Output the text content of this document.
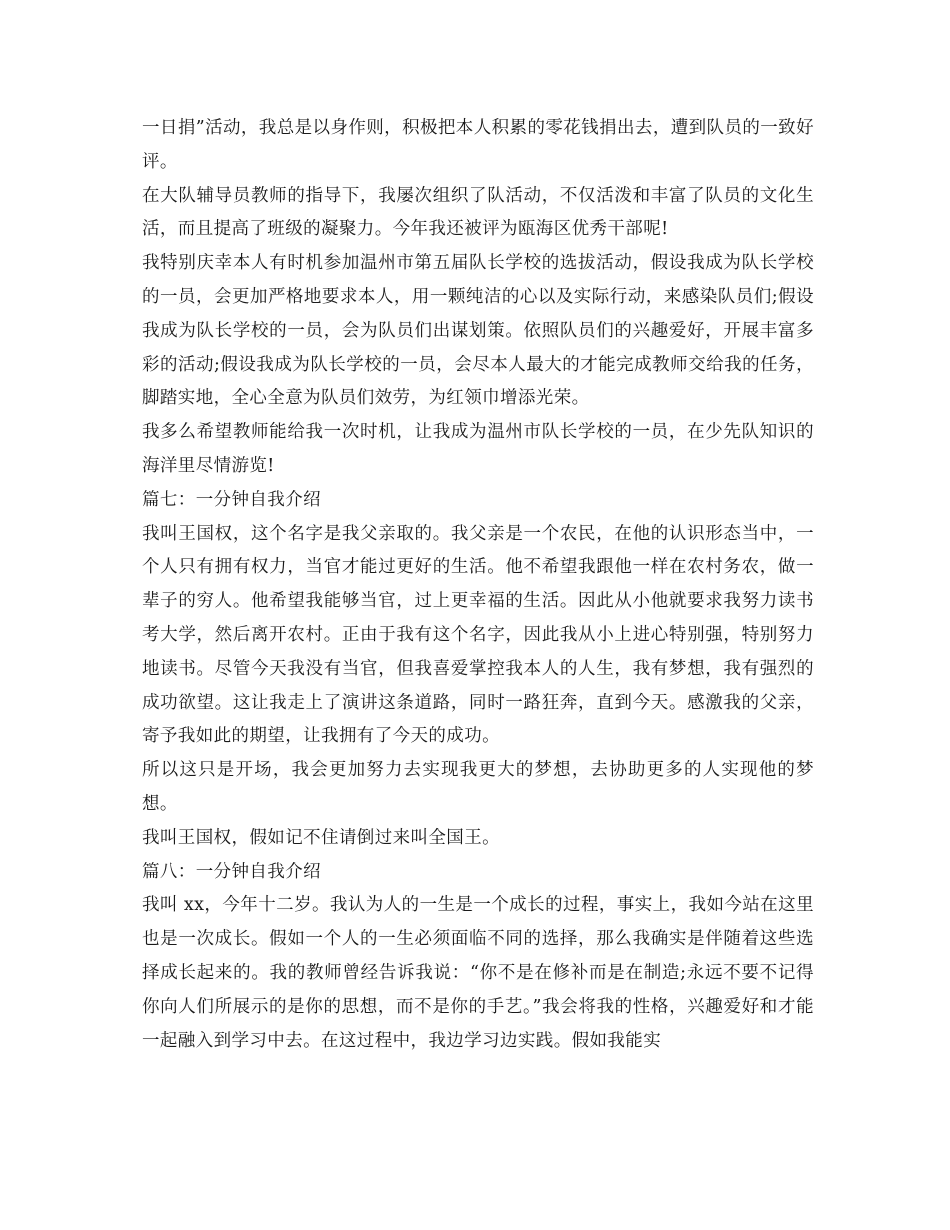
一日捐”活动，我总是以身作则，积极把本人积累的零花钱捐出去，遭到队员的一致好评。

在大队辅导员教师的指导下，我屡次组织了队活动，不仅活泼和丰富了队员的文化生活，而且提高了班级的凝聚力。今年我还被评为瓯海区优秀干部呢!

我特别庆幸本人有时机参加温州市第五届队长学校的选拔活动，假设我成为队长学校的一员，会更加严格地要求本人，用一颗纯洁的心以及实际行动，来感染队员们;假设我成为队长学校的一员，会为队员们出谋划策。依照队员们的兴趣爱好，开展丰富多彩的活动;假设我成为队长学校的一员，会尽本人最大的才能完成教师交给我的任务，脚踏实地，全心全意为队员们效劳，为红领巾增添光荣。

我多么希望教师能给我一次时机，让我成为温州市队长学校的一员，在少先队知识的海洋里尽情游览!

篇七：一分钟自我介绍

我叫王国权，这个名字是我父亲取的。我父亲是一个农民，在他的认识形态当中，一个人只有拥有权力，当官才能过更好的生活。他不希望我跟他一样在农村务农，做一辈子的穷人。他希望我能够当官，过上更幸福的生活。因此从小他就要求我努力读书考大学，然后离开农村。正由于我有这个名字，因此我从小上进心特别强，特别努力地读书。尽管今天我没有当官，但我喜爱掌控我本人的人生，我有梦想，我有强烈的成功欲望。这让我走上了演讲这条道路，同时一路狂奔，直到今天。感激我的父亲，寄予我如此的期望，让我拥有了今天的成功。

所以这只是开场，我会更加努力去实现我更大的梦想，去协助更多的人实现他的梦想。

我叫王国权，假如记不住请倒过来叫全国王。

篇八：一分钟自我介绍

我叫 xx，今年十二岁。我认为人的一生是一个成长的过程，事实上，我如今站在这里也是一次成长。假如一个人的一生必须面临不同的选择，那么我确实是伴随着这些选择成长起来的。我的教师曾经告诉我说：“你不是在修补而是在制造;永远不要不记得你向人们所展示的是你的思想，而不是你的手艺。”我会将我的性格，兴趣爱好和才能一起融入到学习中去。在这过程中，我边学习边实践。假如我能实
